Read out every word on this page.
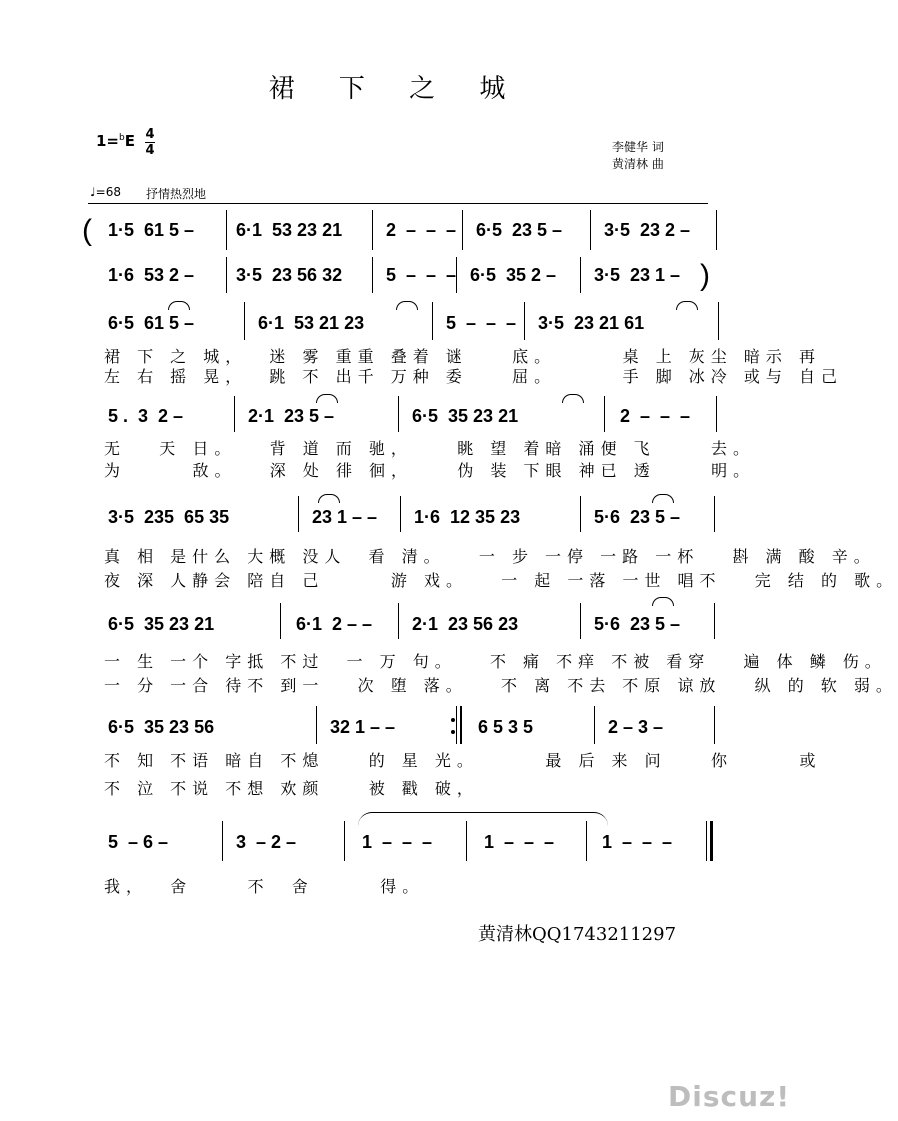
裙 下 之 城
1=$^b$E 4
4	李健华 词
黄清林 曲
♩=68 抒情热烈地
( 1·5  61 5 – 6·1  53 23 21 2  –  –  – 6·5  23 5 – 3·5  23 2 –
1·6  53 2 – 3·5  23 56 32 5  –  –  – 6·5  35 2 – 3·5  23 1 – )
6·5  61 5 –	6·1  53 21 23	5  –  –  – 3·5  23 21 61
裙 下 之 城，  迷 雾 重重 叠着 谜    底。      桌 上 灰尘 暗示 再
左 右 摇 晃，  跳 不 出千 万种 委    屈。      手 脚 冰冷 或与 自己
5 .  3  2 –	2·1  23 5 –	6·5  35 23 21	2  –  –  –
无   天 日。   背 道 而 驰，    眺 望 着暗 涌便 飞     去。
为      敌。   深 处 徘 徊，    伪 装 下眼 神已 透     明。
3·5  235  65 35	23 1 – – 1·6  12 35 23	5·6  23 5 –
真 相 是什么 大概 没人  看 清。   一 步 一停 一路 一杯   斟 满 酸 辛。
夜 深 人静会 陪自 己      游 戏。   一 起 一落 一世 唱不   完 结 的 歌。
6·5  35 23 21	6·1  2 – – 2·1  23 56 23	5·6  23 5 –
一 生 一个 字抵 不过  一 万 句。   不 痛 不痒 不被 看穿   遍 体 鳞 伤。
一 分 一合 待不 到一   次 堕 落。   不 离 不去 不原 谅放   纵 的 软 弱。
6·5  35 23 56	32 1 – –	6 5 3 5	2 – 3 –
不 知 不语 暗自 不熄    的 星 光。      最 后 来 问    你      或
不 泣 不说 不想 欢颜    被 戳 破，
5  – 6 –	3  – 2 –	1  –  –  –	1  –  –  –	1  –  –  –
我，  舍     不  舍      得。
黄清林QQ1743211297
Discuz!
